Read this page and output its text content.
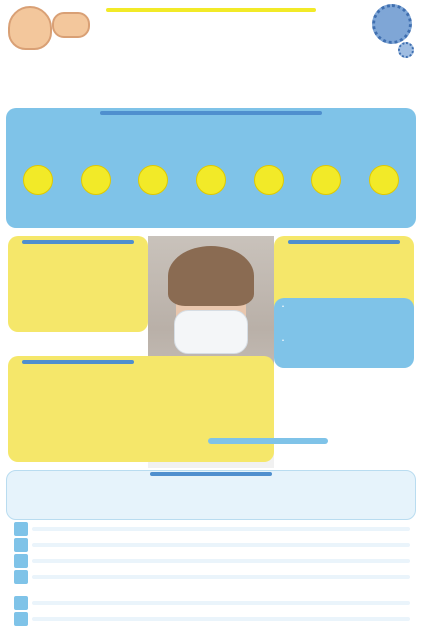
•
•
